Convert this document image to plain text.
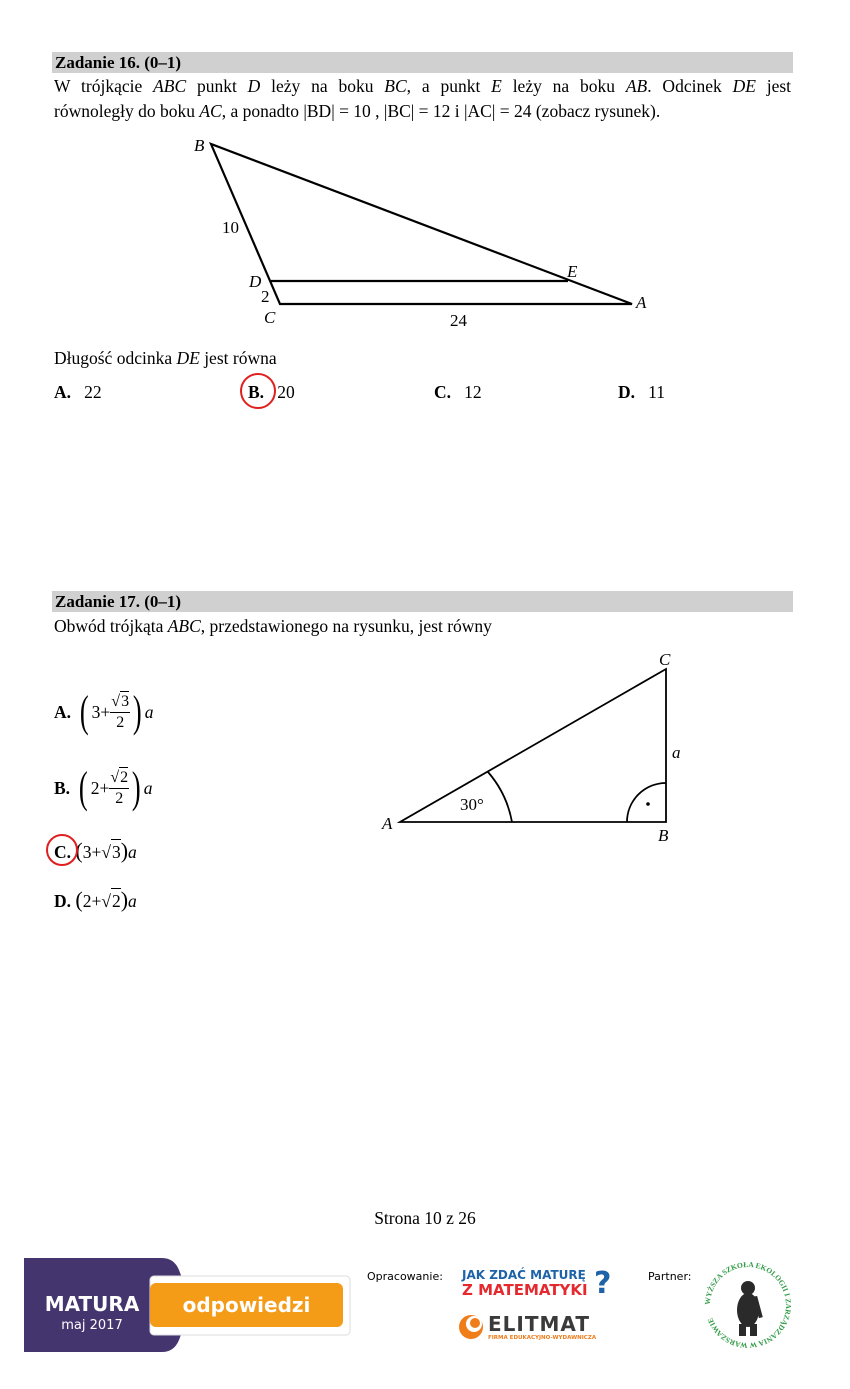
Zadanie 16. (0–1)
W trójkącie ABC punkt D leży na boku BC, a punkt E leży na boku AB. Odcinek DE jest
równoległy do boku AC, a ponadto |BD| = 10 , |BC| = 12 i |AC| = 24 (zobacz rysunek).
B
D
C
E
A
10
2
24
Długość odcinka DE jest równa
A. 22	B. 20	C. 12	D. 11
Zadanie 17. (0–1)
Obwód trójkąta ABC, przedstawionego na rysunku, jest równy
A. ( $3+ \frac{√3}{2}$ ) a
B. ( $2+ \frac{√2}{2}$ ) a
C. (3+√3)a
D. (2+√2)a
A
B
C
a
30°
Strona 10 z 26
MATURA
maj 2017
odpowiedzi
Opracowanie: JAK ZDAĆ MATURĘ
Z MATEMATYKI ?
ELITMAT
FIRMA EDUKACYJNO-WYDAWNICZA
Partner:
WYŻSZA SZKOŁA EKOLOGII I ZARZĄDZANIA W WARSZAWIE
